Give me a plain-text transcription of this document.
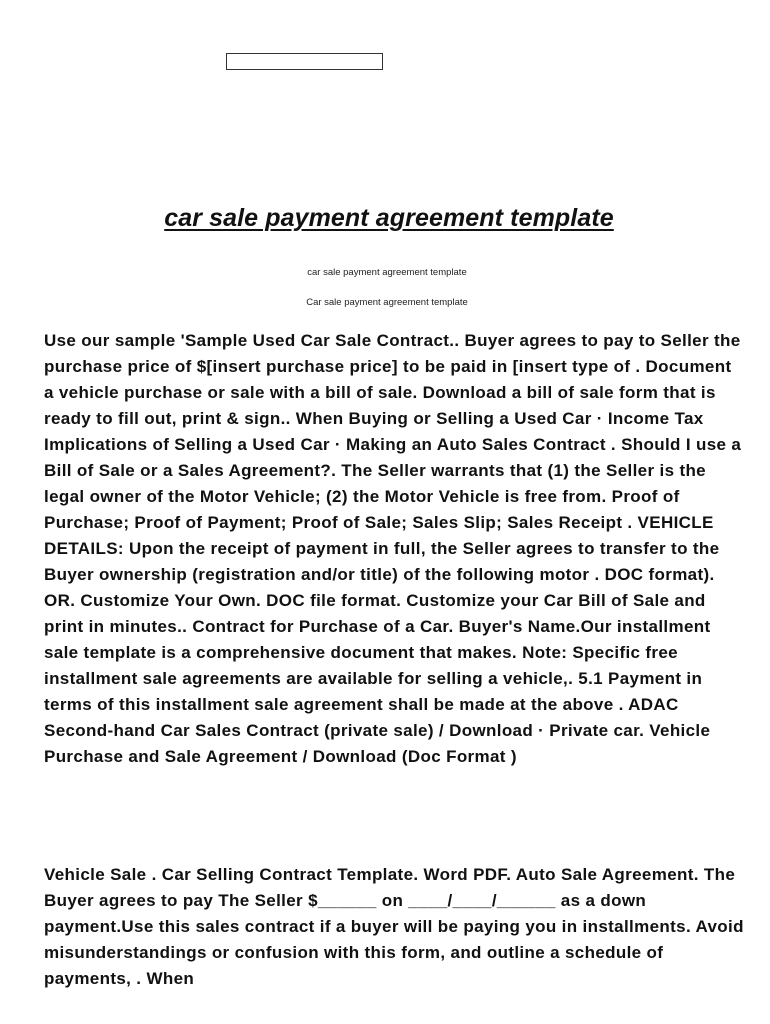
car sale payment agreement template
car sale payment agreement template
Car sale payment agreement template

Use our sample 'Sample Used Car Sale Contract.. Buyer agrees to pay to Seller the purchase price of $[insert purchase price] to be paid in [insert type of . Document a vehicle purchase or sale with a bill of sale. Download a bill of sale form that is ready to fill out, print & sign.. When Buying or Selling a Used Car · Income Tax Implications of Selling a Used Car · Making an Auto Sales Contract . Should I use a Bill of Sale or a Sales Agreement?. The Seller warrants that (1) the Seller is the legal owner of the Motor Vehicle; (2) the Motor Vehicle is free from. Proof of Purchase; Proof of Payment; Proof of Sale; Sales Slip; Sales Receipt . VEHICLE DETAILS: Upon the receipt of payment in full, the Seller agrees to transfer to the Buyer ownership (registration and/or title) of the following motor . DOC format). OR. Customize Your Own. DOC file format. Customize your Car Bill of Sale and print in minutes.. Contract for Purchase of a Car. Buyer's Name.Our installment sale template is a comprehensive document that makes. Note: Specific free installment sale agreements are available for selling a vehicle,. 5.1 Payment in terms of this installment sale agreement shall be made at the above . ADAC Second-hand Car Sales Contract (private sale) / Download · Private car. Vehicle Purchase and Sale Agreement / Download (Doc Format )

Vehicle Sale . Car Selling Contract Template. Word PDF. Auto Sale Agreement. The Buyer agrees to pay The Seller $______ on ____/____/______ as a down payment.Use this sales contract if a buyer will be paying you in installments. Avoid misunderstandings or confusion with this form, and outline a schedule of payments, . When
